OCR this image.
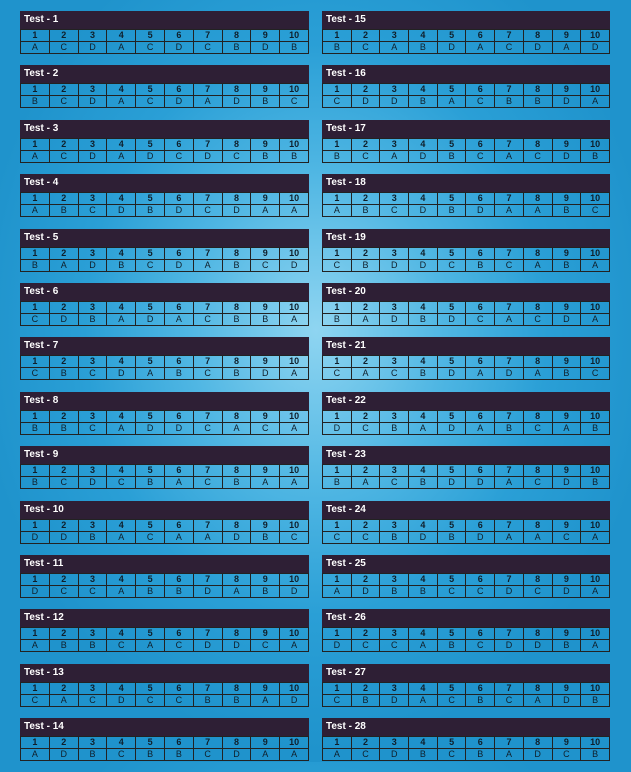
Test - 1
1	2	3	4	5	6	7	8	9	10
A	C	D	A	C	D	C	B	D	B
Test - 2
1	2	3	4	5	6	7	8	9	10
B	C	D	A	C	D	A	D	B	C
Test - 3
1	2	3	4	5	6	7	8	9	10
A	C	D	A	D	C	D	C	B	B
Test - 4
1	2	3	4	5	6	7	8	9	10
A	B	C	D	B	D	C	D	A	A
Test - 5
1	2	3	4	5	6	7	8	9	10
B	A	D	B	C	D	A	B	C	D
Test - 6
1	2	3	4	5	6	7	8	9	10
C	D	B	A	D	A	C	B	B	A
Test - 7
1	2	3	4	5	6	7	8	9	10
C	B	C	D	A	B	C	B	D	A
Test - 8
1	2	3	4	5	6	7	8	9	10
B	B	C	A	D	D	C	A	C	A
Test - 9
1	2	3	4	5	6	7	8	9	10
B	C	D	C	B	A	C	B	A	A
Test - 10
1	2	3	4	5	6	7	8	9	10
D	D	B	A	C	A	A	D	B	C
Test - 11
1	2	3	4	5	6	7	8	9	10
D	C	C	A	B	B	D	A	B	D
Test - 12
1	2	3	4	5	6	7	8	9	10
A	B	B	C	A	C	D	D	C	A
Test - 13
1	2	3	4	5	6	7	8	9	10
C	A	C	D	C	C	B	B	A	D
Test - 14
1	2	3	4	5	6	7	8	9	10
A	D	B	C	B	B	C	D	A	A
Test - 15
1	2	3	4	5	6	7	8	9	10
B	C	A	B	D	A	C	D	A	D
Test - 16
1	2	3	4	5	6	7	8	9	10
C	D	D	B	A	C	B	B	D	A
Test - 17
1	2	3	4	5	6	7	8	9	10
B	C	A	D	B	C	A	C	D	B
Test - 18
1	2	3	4	5	6	7	8	9	10
A	B	C	D	B	D	A	A	B	C
Test - 19
1	2	3	4	5	6	7	8	9	10
C	B	D	D	C	B	C	A	B	A
Test - 20
1	2	3	4	5	6	7	8	9	10
B	A	D	B	D	C	A	C	D	A
Test - 21
1	2	3	4	5	6	7	8	9	10
C	A	C	B	D	A	D	A	B	C
Test - 22
1	2	3	4	5	6	7	8	9	10
D	C	B	A	D	A	B	C	A	B
Test - 23
1	2	3	4	5	6	7	8	9	10
B	A	C	B	D	D	A	C	D	B
Test - 24
1	2	3	4	5	6	7	8	9	10
C	C	B	D	B	D	A	A	C	A
Test - 25
1	2	3	4	5	6	7	8	9	10
A	D	B	B	C	C	D	C	D	A
Test - 26
1	2	3	4	5	6	7	8	9	10
D	C	C	A	B	C	D	D	B	A
Test - 27
1	2	3	4	5	6	7	8	9	10
C	B	D	A	C	B	C	A	D	B
Test - 28
1	2	3	4	5	6	7	8	9	10
A	C	D	B	C	B	A	D	C	B
